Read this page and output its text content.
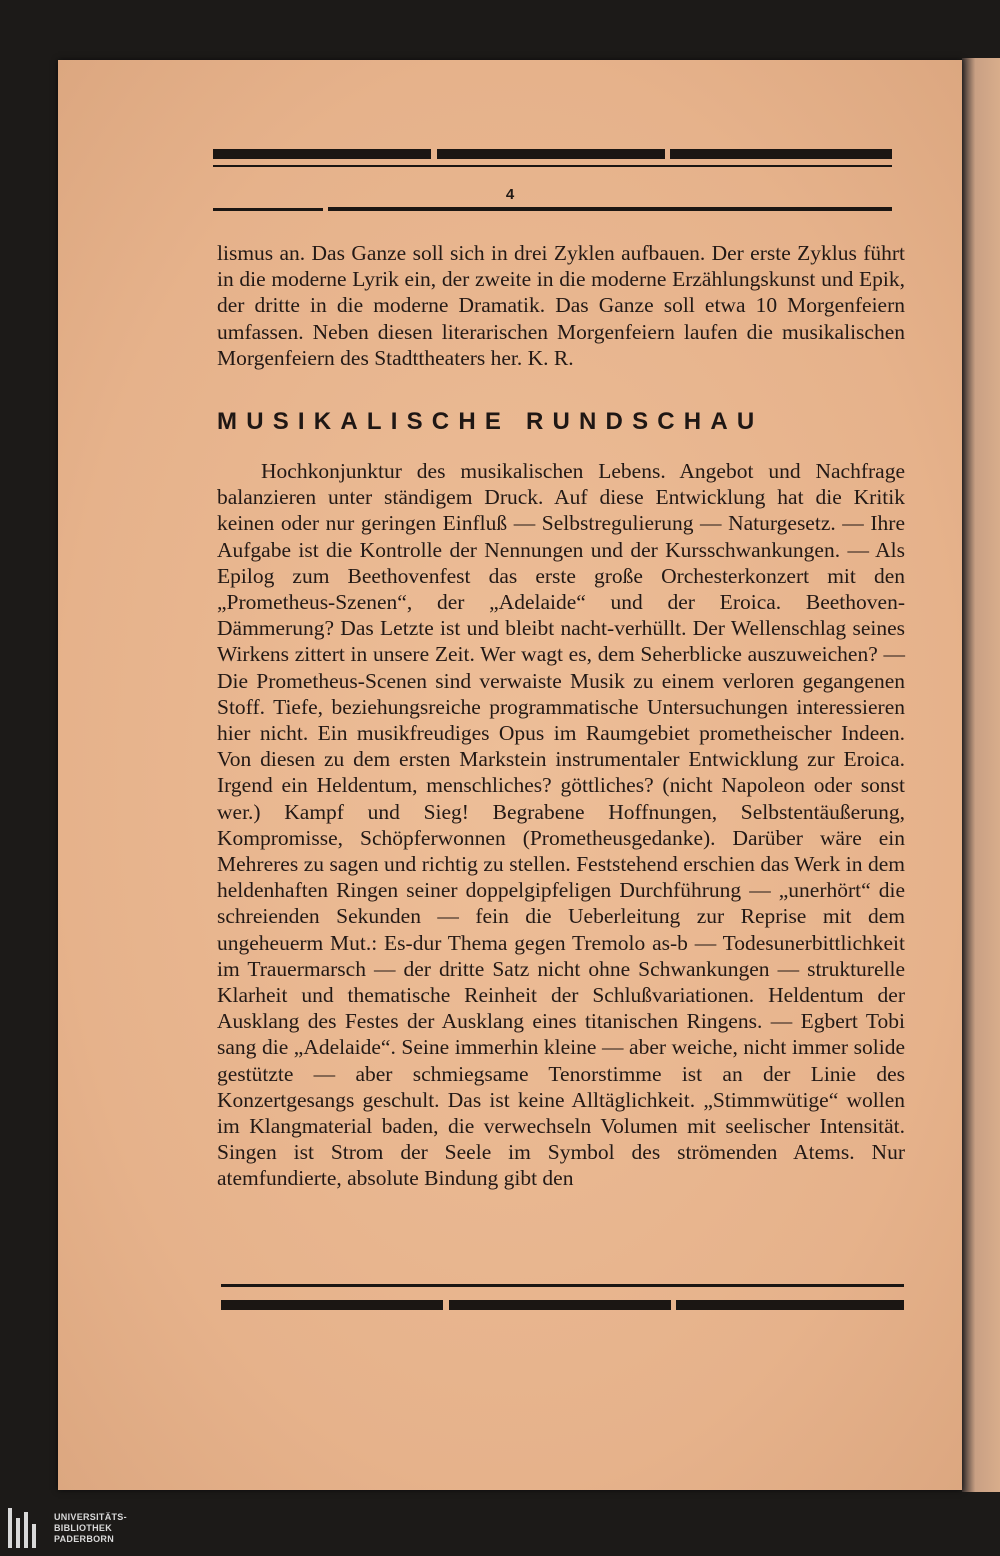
4

lismus an. Das Ganze soll sich in drei Zyklen aufbauen. Der erste Zyklus führt in die moderne Lyrik ein, der zweite in die moderne Erzählungskunst und Epik, der dritte in die moderne Dramatik. Das Ganze soll etwa 10 Morgenfeiern umfassen. Neben diesen literarischen Morgenfeiern laufen die musikalischen Morgenfeiern des Stadttheaters her. K. R.

MUSIKALISCHE RUNDSCHAU

Hochkonjunktur des musikalischen Lebens. Angebot und Nachfrage balanzieren unter ständigem Druck. Auf diese Entwicklung hat die Kritik keinen oder nur geringen Einfluß — Selbstregulierung — Naturgesetz. — Ihre Aufgabe ist die Kontrolle der Nennungen und der Kursschwankungen. — Als Epilog zum Beethovenfest das erste große Orchesterkonzert mit den „Prometheus-Szenen“, der „Adelaide“ und der Eroica. Beethoven-Dämmerung? Das Letzte ist und bleibt nacht-verhüllt. Der Wellenschlag seines Wirkens zittert in unsere Zeit. Wer wagt es, dem Seherblicke auszuweichen? — Die Prometheus-Scenen sind verwaiste Musik zu einem verloren gegangenen Stoff. Tiefe, beziehungsreiche programmatische Untersuchungen interessieren hier nicht. Ein musikfreudiges Opus im Raumgebiet prometheischer Indeen. Von diesen zu dem ersten Markstein instrumentaler Entwicklung zur Eroica. Irgend ein Heldentum, menschliches? göttliches? (nicht Napoleon oder sonst wer.) Kampf und Sieg! Begrabene Hoffnungen, Selbstentäußerung, Kompromisse, Schöpferwonnen (Prometheusgedanke). Darüber wäre ein Mehreres zu sagen und richtig zu stellen. Feststehend erschien das Werk in dem heldenhaften Ringen seiner doppelgipfeligen Durchführung — „unerhört“ die schreienden Sekunden — fein die Ueberleitung zur Reprise mit dem ungeheuerm Mut.: Es-dur Thema gegen Tremolo as-b — Todesunerbittlichkeit im Trauermarsch — der dritte Satz nicht ohne Schwankungen — strukturelle Klarheit und thematische Reinheit der Schlußvariationen. Heldentum der Ausklang des Festes der Ausklang eines titanischen Ringens. — Egbert Tobi sang die „Adelaide“. Seine immerhin kleine — aber weiche, nicht immer solide gestützte — aber schmiegsame Tenorstimme ist an der Linie des Konzertgesangs geschult. Das ist keine Alltäglichkeit. „Stimmwütige“ wollen im Klangmaterial baden, die verwechseln Volumen mit seelischer Intensität. Singen ist Strom der Seele im Symbol des strömenden Atems. Nur atemfundierte, absolute Bindung gibt den

UNIVERSITÄTS-
BIBLIOTHEK
PADERBORN
